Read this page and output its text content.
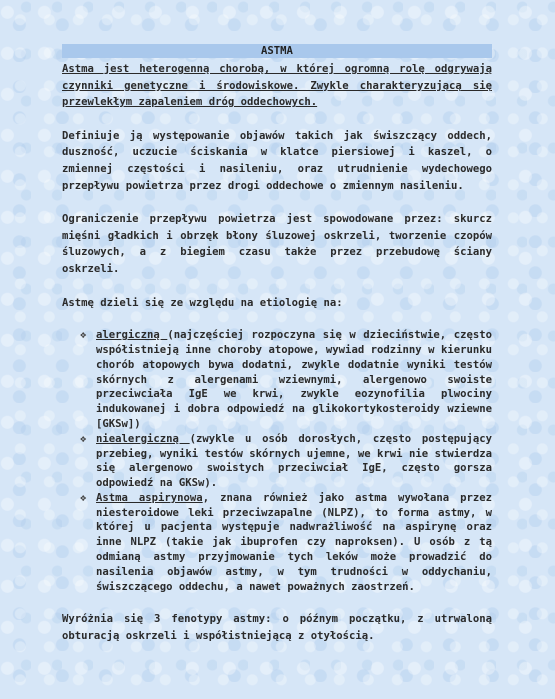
ASTMA

Astma jest heterogenną chorobą, w której ogromną rolę odgrywają czynniki genetyczne i środowiskowe. Zwykle charakteryzującą się przewlekłym zapaleniem dróg oddechowych.

Definiuje ją występowanie objawów takich jak świszczący oddech, duszność, uczucie ściskania w klatce piersiowej i kaszel, o zmiennej częstości i nasileniu, oraz utrudnienie wydechowego przepływu powietrza przez drogi oddechowe o zmiennym nasileniu.

Ograniczenie przepływu powietrza jest spowodowane przez: skurcz mięśni gładkich i obrzęk błony śluzowej oskrzeli, tworzenie czopów śluzowych, a z biegiem czasu także przez przebudowę ściany oskrzeli.

Astmę dzieli się ze względu na etiologię na:

❖ alergiczną (najczęściej rozpoczyna się w dzieciństwie, często współistnieją inne choroby atopowe, wywiad rodzinny w kierunku chorób atopowych bywa dodatni, zwykle dodatnie wyniki testów skórnych z alergenami wziewnymi, alergenowo swoiste przeciwciała IgE we krwi, zwykle eozynofilia plwociny indukowanej i dobra odpowiedź na glikokortykosteroidy wziewne [GKSw])
❖ niealergiczną (zwykle u osób dorosłych, często postępujący przebieg, wyniki testów skórnych ujemne, we krwi nie stwierdza się alergenowo swoistych przeciwciał IgE, często gorsza odpowiedź na GKSw).
❖ Astma aspirynowa, znana również jako astma wywołana przez niesteroidowe leki przeciwzapalne (NLPZ), to forma astmy, w której u pacjenta występuje nadwrażliwość na aspirynę oraz inne NLPZ (takie jak ibuprofen czy naproksen). U osób z tą odmianą astmy przyjmowanie tych leków może prowadzić do nasilenia objawów astmy, w tym trudności w oddychaniu, świszczącego oddechu, a nawet poważnych zaostrzeń.

Wyróżnia się 3 fenotypy astmy: o późnym początku, z utrwaloną obturacją oskrzeli i współistniejącą z otyłością.
